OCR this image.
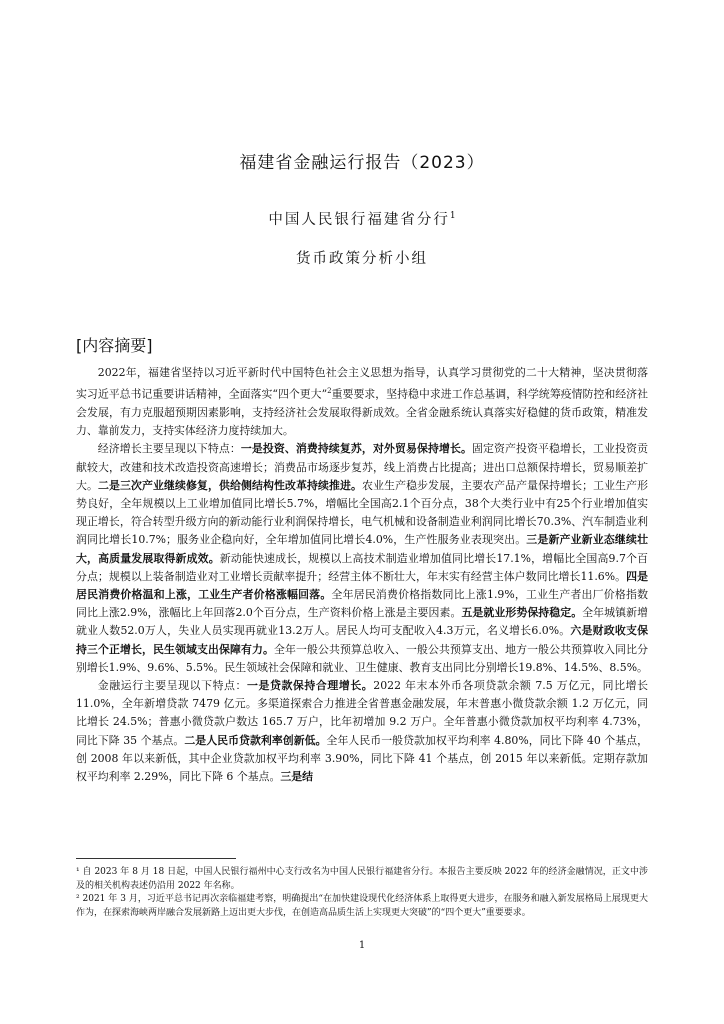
福建省金融运行报告（2023）
中国人民银行福建省分行$^1$
货币政策分析小组
[内容摘要]

2022年，福建省坚持以习近平新时代中国特色社会主义思想为指导，认真学习贯彻党的二十大精神，坚决贯彻落实习近平总书记重要讲话精神，全面落实“四个更大”$^2$重要要求，坚持稳中求进工作总基调，科学统筹疫情防控和经济社会发展，有力克服超预期因素影响，支持经济社会发展取得新成效。全省金融系统认真落实好稳健的货币政策，精准发力、靠前发力，支持实体经济力度持续加大。

经济增长主要呈现以下特点：一是投资、消费持续复苏，对外贸易保持增长。固定资产投资平稳增长，工业投资贡献较大，改建和技术改造投资高速增长；消费品市场逐步复苏，线上消费占比提高；进出口总额保持增长，贸易顺差扩大。二是三次产业继续修复，供给侧结构性改革持续推进。农业生产稳步发展，主要农产品产量保持增长；工业生产形势良好，全年规模以上工业增加值同比增长5.7%，增幅比全国高2.1个百分点，38个大类行业中有25个行业增加值实现正增长，符合转型升级方向的新动能行业利润保持增长，电气机械和设备制造业利润同比增长70.3%、汽车制造业利润同比增长10.7%；服务业企稳向好，全年增加值同比增长4.0%，生产性服务业表现突出。三是新产业新业态继续壮大，高质量发展取得新成效。新动能快速成长，规模以上高技术制造业增加值同比增长17.1%，增幅比全国高9.7个百分点；规模以上装备制造业对工业增长贡献率提升；经营主体不断壮大，年末实有经营主体户数同比增长11.6%。四是居民消费价格温和上涨，工业生产者价格涨幅回落。全年居民消费价格指数同比上涨1.9%，工业生产者出厂价格指数同比上涨2.9%，涨幅比上年回落2.0个百分点，生产资料价格上涨是主要因素。五是就业形势保持稳定。全年城镇新增就业人数52.0万人，失业人员实现再就业13.2万人。居民人均可支配收入4.3万元，名义增长6.0%。六是财政收支保持三个正增长，民生领域支出保障有力。全年一般公共预算总收入、一般公共预算支出、地方一般公共预算收入同比分别增长1.9%、9.6%、5.5%。民生领域社会保障和就业、卫生健康、教育支出同比分别增长19.8%、14.5%、8.5%。

金融运行主要呈现以下特点：一是贷款保持合理增长。2022 年末本外币各项贷款余额 7.5 万亿元，同比增长 11.0%，全年新增贷款 7479 亿元。多渠道探索合力推进全省普惠金融发展，年末普惠小微贷款余额 1.2 万亿元，同比增长 24.5%；普惠小微贷款户数达 165.7 万户，比年初增加 9.2 万户。全年普惠小微贷款加权平均利率 4.73%，同比下降 35 个基点。二是人民币贷款利率创新低。全年人民币一般贷款加权平均利率 4.80%，同比下降 40 个基点，创 2008 年以来新低，其中企业贷款加权平均利率 3.90%，同比下降 41 个基点，创 2015 年以来新低。定期存款加权平均利率 2.29%，同比下降 6 个基点。三是结

¹ 自 2023 年 8 月 18 日起，中国人民银行福州中心支行改名为中国人民银行福建省分行。本报告主要反映 2022 年的经济金融情况，正文中涉及的相关机构表述仍沿用 2022 年名称。

² 2021 年 3 月，习近平总书记再次亲临福建考察，明确提出“在加快建设现代化经济体系上取得更大进步，在服务和融入新发展格局上展现更大作为，在探索海峡两岸融合发展新路上迈出更大步伐，在创造高品质生活上实现更大突破”的“四个更大”重要要求。

1
